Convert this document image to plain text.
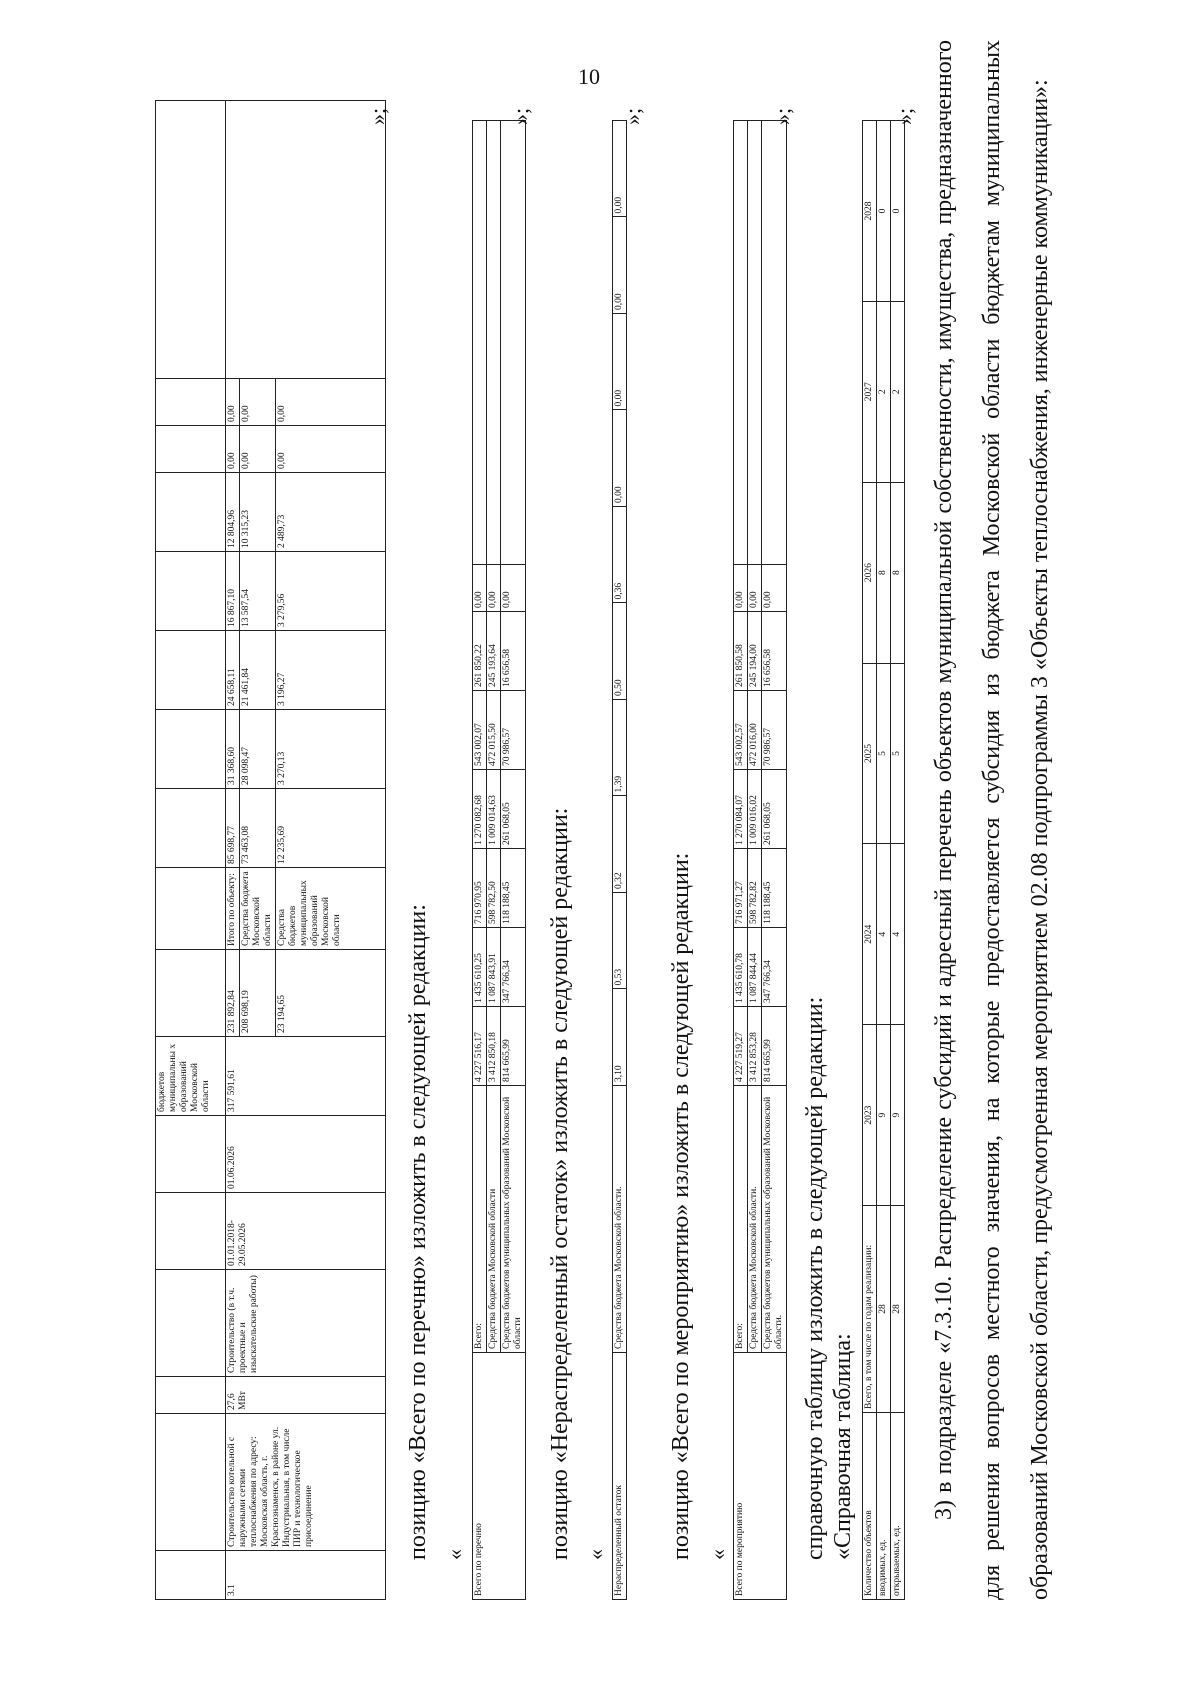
10
						бюджетов муниципальны х образований Московской области										
3.1	Строительство котельной с наружными сетями теплоснабжения по адресу: Московская область, г. Краснознаменск, в районе ул. Индустриальная, в том числе ПИР и технологическое присоединение	27,6 МВт	Строительство (в т.ч. проектные и изыскательские работы)	01.01.2018- 29.05.2026	01.06.2026	317 591,61	231 892,84	Итого по объекту:	85 698,77	31 368,60	24 658,11	16 867,10	12 804,96	0,00	0,00	
							208 698,19	Средства бюджета Московской области	73 463,08	28 098,47	21 461,84	13 587,54	10 315,23	0,00	0,00	
							23 194,65	Средства бюджетов муниципальных образований Московской области	12 235,69	3 270,13	3 196,27	3 279,56	2 489,73	0,00	0,00	
»;
позицию «Всего по перечню» изложить в следующей редакции: « Всего по перечню	Всего:	4 227 516,17	1 435 610,25	716 970,95	1 270 082,68	543 002,07	261 850,22	0,00	
	Средства бюджета Московской области	3 412 850,18	1 087 843,91	598 782,50	1 009 014,63	472 015,50	245 193,64	0,00	
	Средства бюджетов муниципальных образований Московской области	814 665,99	347 766,34	118 188,45	261 068,05	70 986,57	16 656,58	0,00	
»;
позицию «Нераспределенный остаток» изложить в следующей редакции: « Нераспределенный остаток	Средства бюджета Московской области.	3,10	0,53	0,32	1,39	0,50	0,36	0,00	0,00	0,00	0,00
»;
позицию «Всего по мероприятию» изложить в следующей редакции: « Всего по мероприятию	Всего:	4 227 519,27	1 435 610,78	716 971,27	1 270 084,07	543 002,57	261 850,58	0,00	
	Средства бюджета Московской области.	3 412 853,28	1 087 844,44	598 782,82	1 009 016,02	472 016,00	245 194,00	0,00	
	Средства бюджетов муниципальных образований Московской области.	814 665,99	347 766,34	118 188,45	261 068,05	70 986,57	16 656,58	0,00	
»;
справочную таблицу изложить в следующей редакции: «Справочная таблица: Количество объектов	Всего, в том числе по годам реализации:	2023	2024	2025	2026	2027	2028
вводимых, ед.	28	9	4	5	8	2	0
открываемых, ед.	28	9	4	5	8	2	0
»; 3) в подразделе «7.3.10. Распределение субсидий и адресный перечень объектов муниципальной собственности, имущества, предназначенного для решения вопросов местного значения, на которые предоставляется субсидия из бюджета Московской области бюджетам муниципальных образований Московской области, предусмотренная мероприятием 02.08 подпрограммы 3 «Объекты теплоснабжения, инженерные коммуникации»:
